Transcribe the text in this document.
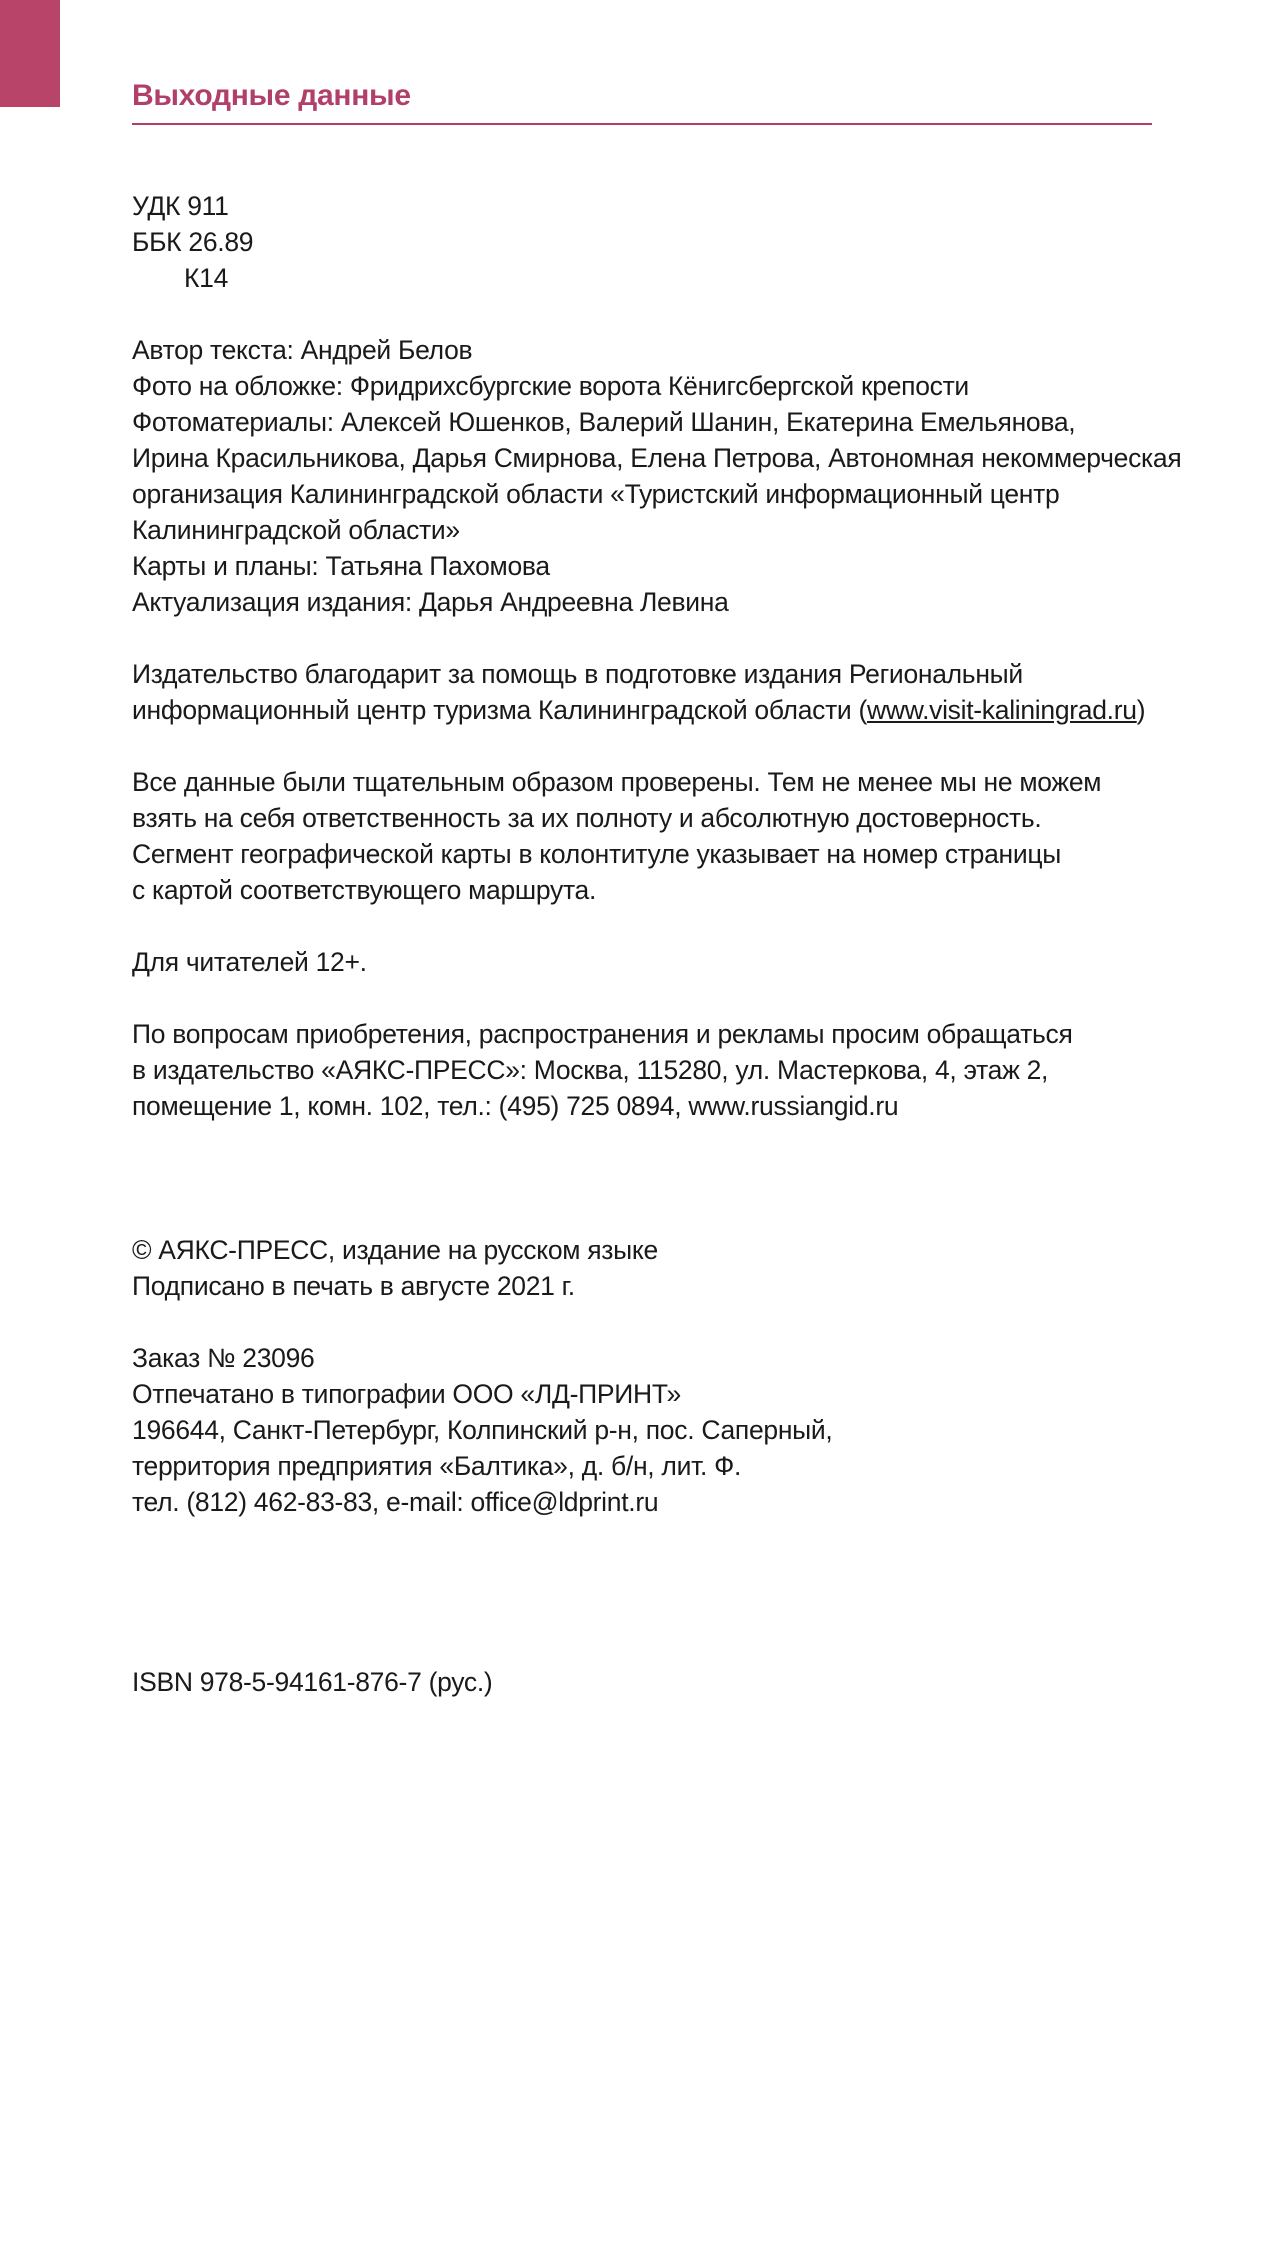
Выходные данные
УДК 911
ББК 26.89
К14
Автор текста: Андрей Белов
Фото на обложке: Фридрихсбургские ворота Кёнигсбергской крепости
Фотоматериалы: Алексей Юшенков, Валерий Шанин, Екатерина Емельянова,
Ирина Красильникова, Дарья Смирнова, Елена Петрова, Автономная некоммерческая
организация Калининградской области «Туристский информационный центр
Калининградской области»
Карты и планы: Татьяна Пахомова
Актуализация издания: Дарья Андреевна Левина
Издательство благодарит за помощь в подготовке издания Региональный
информационный центр туризма Калининградской области (www.visit-kaliningrad.ru)
Все данные были тщательным образом проверены. Тем не менее мы не можем
взять на себя ответственность за их полноту и абсолютную достоверность.
Сегмент географической карты в колонтитуле указывает на номер страницы
с картой соответствующего маршрута.
Для читателей 12+.
По вопросам приобретения, распространения и рекламы просим обращаться
в издательство «АЯКС-ПРЕСС»: Москва, 115280, ул. Мастеркова, 4, этаж 2,
помещение 1, комн. 102, тел.: (495) 725 0894, www.russiangid.ru
© АЯКС-ПРЕСС, издание на русском языке
Подписано в печать в августе 2021 г.
Заказ № 23096
Отпечатано в типографии ООО «ЛД-ПРИНТ»
196644, Санкт-Петербург, Колпинский р-н, пос. Саперный,
территория предприятия «Балтика», д. б/н, лит. Ф.
тел. (812) 462-83-83, e-mail: office@ldprint.ru
ISBN 978-5-94161-876-7 (рус.)
